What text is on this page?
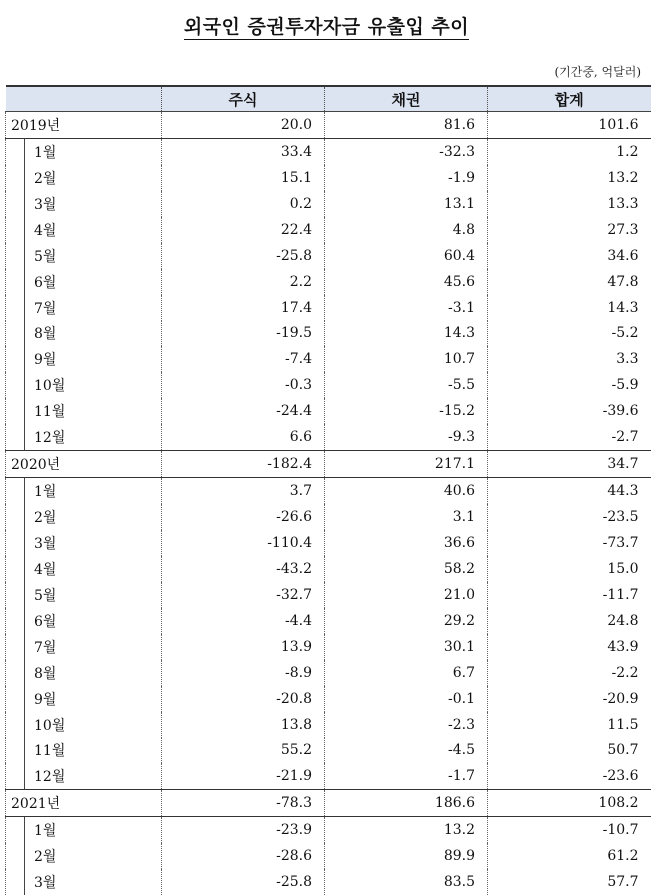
외국인 증권투자자금 유출입 추이
(기간중, 억달러)
	주식	채권	합계
2019년	20.0	81.6	101.6
1월	33.4	-32.3	1.2
2월	15.1	-1.9	13.2
3월	0.2	13.1	13.3
4월	22.4	4.8	27.3
5월	-25.8	60.4	34.6
6월	2.2	45.6	47.8
7월	17.4	-3.1	14.3
8월	-19.5	14.3	-5.2
9월	-7.4	10.7	3.3
10월	-0.3	-5.5	-5.9
11월	-24.4	-15.2	-39.6
12월	6.6	-9.3	-2.7
2020년	-182.4	217.1	34.7
1월	3.7	40.6	44.3
2월	-26.6	3.1	-23.5
3월	-110.4	36.6	-73.7
4월	-43.2	58.2	15.0
5월	-32.7	21.0	-11.7
6월	-4.4	29.2	24.8
7월	13.9	30.1	43.9
8월	-8.9	6.7	-2.2
9월	-20.8	-0.1	-20.9
10월	13.8	-2.3	11.5
11월	55.2	-4.5	50.7
12월	-21.9	-1.7	-23.6
2021년	-78.3	186.6	108.2
1월	-23.9	13.2	-10.7
2월	-28.6	89.9	61.2
3월	-25.8	83.5	57.7
